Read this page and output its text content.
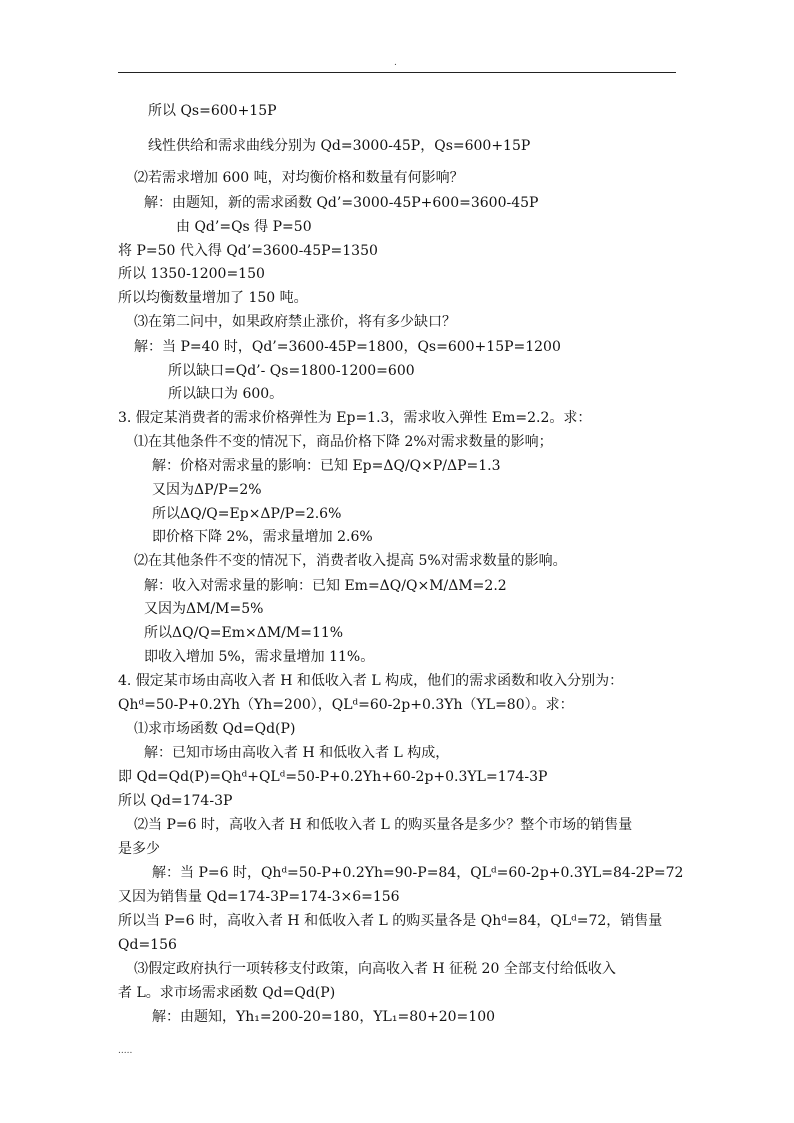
.
所以 Qs=600+15P
线性供给和需求曲线分别为 Qd=3000-45P，Qs=600+15P
⑵若需求增加 600 吨，对均衡价格和数量有何影响？
解：由题知，新的需求函数 Qd’=3000-45P+600=3600-45P
由 Qd’=Qs 得 P=50
将 P=50 代入得 Qd’=3600-45P=1350
所以 1350-1200=150
所以均衡数量增加了 150 吨。
⑶在第二问中，如果政府禁止涨价，将有多少缺口？
解：当 P=40 时，Qd’=3600-45P=1800，Qs=600+15P=1200
所以缺口=Qd’- Qs=1800-1200=600
所以缺口为 600。
3. 假定某消费者的需求价格弹性为 Ep=1.3，需求收入弹性 Em=2.2。求：
⑴在其他条件不变的情况下，商品价格下降 2%对需求数量的影响；
解：价格对需求量的影响：已知 Ep=ΔQ/Q×P/ΔP=1.3
又因为ΔP/P=2%
所以ΔQ/Q=Ep×ΔP/P=2.6%
即价格下降 2%，需求量增加 2.6%
⑵在其他条件不变的情况下，消费者收入提高 5%对需求数量的影响。
解：收入对需求量的影响：已知 Em=ΔQ/Q×M/ΔM=2.2
又因为ΔM/M=5%
所以ΔQ/Q=Em×ΔM/M=11%
即收入增加 5%，需求量增加 11%。
4. 假定某市场由高收入者 H 和低收入者 L 构成，他们的需求函数和收入分别为：
Qhᵈ=50-P+0.2Yh（Yh=200），QLᵈ=60-2p+0.3Yh（YL=80）。求：
⑴求市场函数 Qd=Qd(P)
解：已知市场由高收入者 H 和低收入者 L 构成，
即 Qd=Qd(P)=Qhᵈ+QLᵈ=50-P+0.2Yh+60-2p+0.3YL=174-3P
所以 Qd=174-3P
⑵当 P=6 时，高收入者 H 和低收入者 L 的购买量各是多少？整个市场的销售量
是多少
解：当 P=6 时，Qhᵈ=50-P+0.2Yh=90-P=84，QLᵈ=60-2p+0.3YL=84-2P=72
又因为销售量 Qd=174-3P=174-3×6=156
所以当 P=6 时，高收入者 H 和低收入者 L 的购买量各是 Qhᵈ=84，QLᵈ=72，销售量
Qd=156
⑶假定政府执行一项转移支付政策，向高收入者 H 征税 20 全部支付给低收入
者 L。求市场需求函数 Qd=Qd(P)
解：由题知，Yh₁=200-20=180，YL₁=80+20=100
.....
